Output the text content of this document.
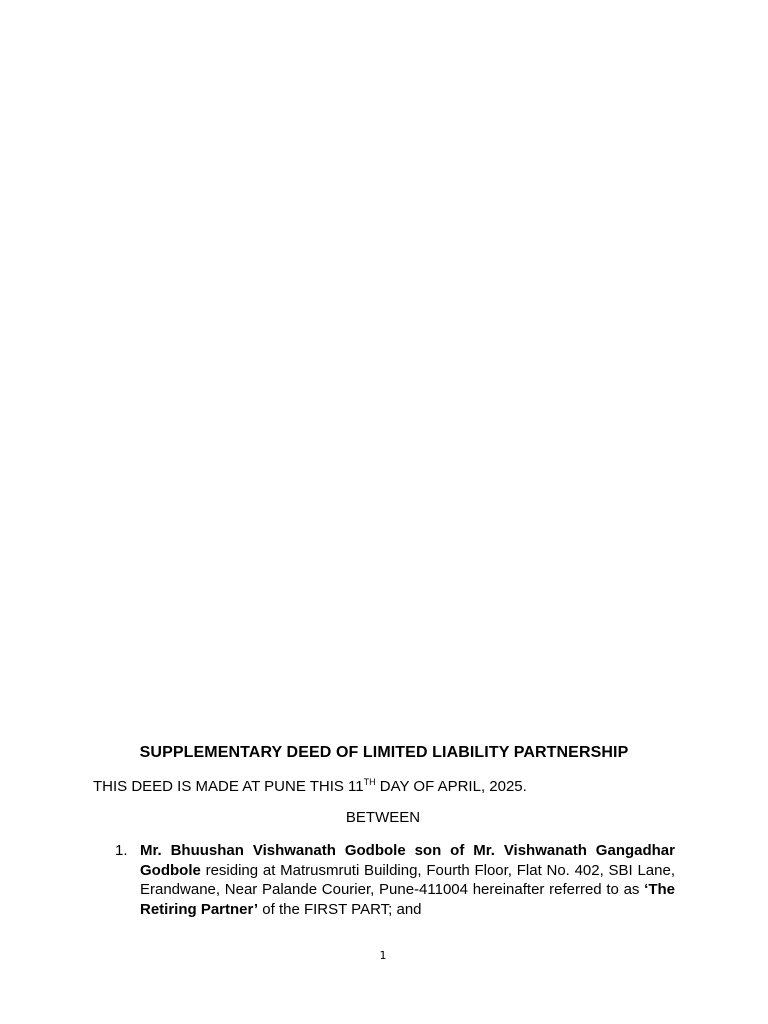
SUPPLEMENTARY DEED OF LIMITED LIABILITY PARTNERSHIP
THIS DEED IS MADE AT PUNE THIS 11TH DAY OF APRIL, 2025.
BETWEEN
1. Mr. Bhuushan Vishwanath Godbole son of Mr. Vishwanath Gangadhar Godbole residing at Matrusmruti Building, Fourth Floor, Flat No. 402, SBI Lane, Erandwane, Near Palande Courier, Pune-411004 hereinafter referred to as ‘The Retiring Partner’ of the FIRST PART; and
1
